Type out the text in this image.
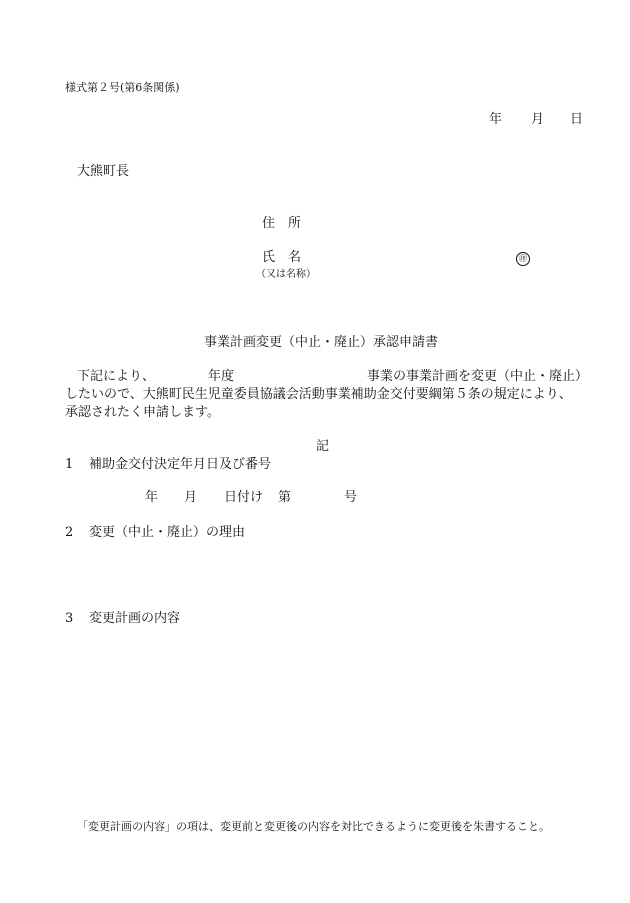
様式第２号(第6条関係)
年 月 日
大熊町長
住　所
氏　名	㊞
（又は名称）
事業計画変更（中止・廃止）承認申請書
下記により、	年度	事業の事業計画を変更（中止・廃止）
したいので、大熊町民生児童委員協議会活動事業補助金交付要綱第５条の規定により、
承認されたく申請します。
記
1 補助金交付決定年月日及び番号
年 月 日付け 第	号
2 変更（中止・廃止）の理由
3 変更計画の内容
「変更計画の内容」の項は、変更前と変更後の内容を対比できるように変更後を朱書すること。
